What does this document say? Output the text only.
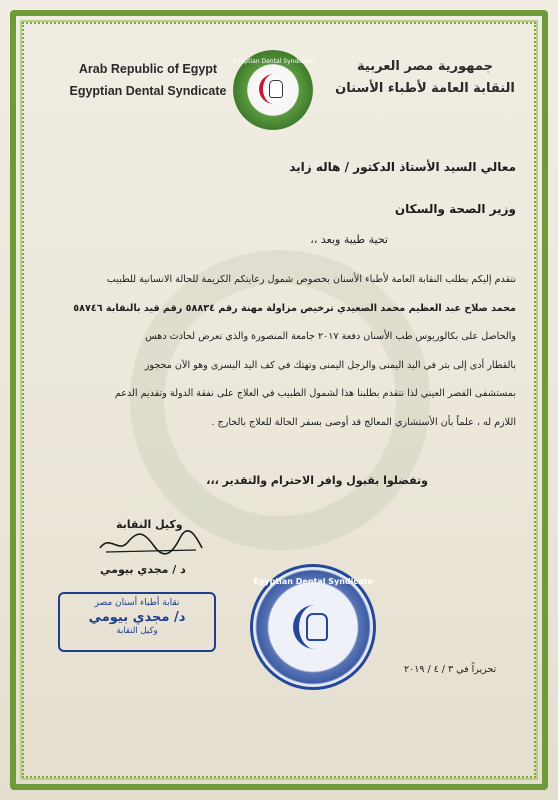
Arab Republic of Egypt
Egyptian Dental Syndicate
Egyptian Dental Syndicate	جمهورية مصر العربية
النقابة العامة لأطباء الأسنان
معالي السيد الأستاذ الدكتور / هاله زايد
وزير الصحة والسكان
تحية طيبة وبعد ،،

نتقدم إليكم بطلب النقابة العامة لأطباء الأسنان بخصوص شمول رعايتكم الكريمة للحالة الانسانية للطبيب

محمد صلاح عبد العظيم محمد الصعيدي ترخيص مزاولة مهنة رقم ٥٨٨٣٤ رقم قيد بالنقابة ٥٨٧٤٦

والحاصل على بكالوريوس طب الأسنان دفعة ٢٠١٧ جامعة المنصورة والذي تعرض لحادث دهس

بالقطار أدى إلى بتر في اليد اليمنى والرجل اليمنى وتهتك في كف اليد اليسرى وهو الآن محجوز

بمستشفى القصر العيني لذا نتقدم بطلبنا هذا لشمول الطبيب في العلاج على نفقة الدولة وتقديم الدعم

اللازم له ، علماً بأن الأستشاري المعالج قد أوصى بسفر الحالة للعلاج بالخارج .

وتفضلوا بقبول وافر الاحترام والتقدير ،،،
وكيل النقابة
د / مجدي بيومي
نقابة أطباء أسنان مصر
د/ مجدي بيومي
وكيل النقابة
Egyptian Dental Syndicate
تحريراً في ٣ / ٤ / ٢٠١٩
